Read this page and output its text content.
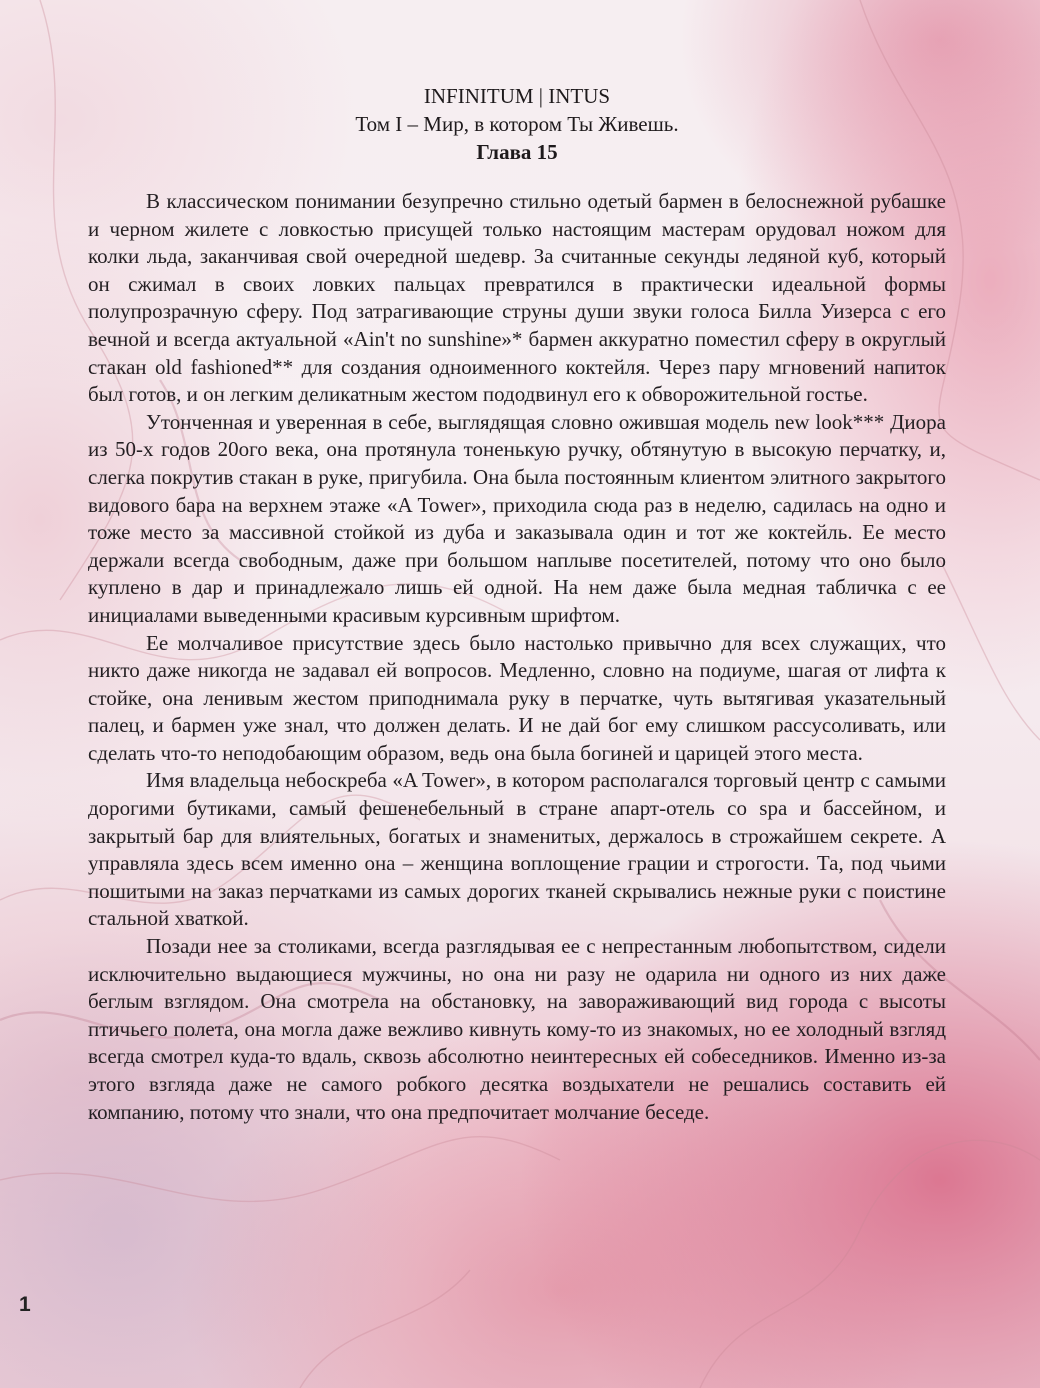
INFINITUM | INTUS
Том I – Мир, в котором Ты Живешь.
Глава 15

В классическом понимании безупречно стильно одетый бармен в белоснежной рубашке и черном жилете с ловкостью присущей только настоящим мастерам орудовал ножом для колки льда, заканчивая свой очередной шедевр. За считанные секунды ледяной куб, который он сжимал в своих ловких пальцах превратился в практически идеальной формы полупрозрачную сферу. Под затрагивающие струны души звуки голоса Билла Уизерса с его вечной и всегда актуальной «Ain't no sunshine»* бармен аккуратно поместил сферу в округлый стакан old fashioned** для создания одноименного коктейля. Через пару мгновений напиток был готов, и он легким деликатным жестом пододвинул его к обворожительной гостье.

Утонченная и уверенная в себе, выглядящая словно ожившая модель new look*** Диора из 50-х годов 20ого века, она протянула тоненькую ручку, обтянутую в высокую перчатку, и, слегка покрутив стакан в руке, пригубила. Она была постоянным клиентом элитного закрытого видового бара на верхнем этаже «A Tower», приходила сюда раз в неделю, садилась на одно и тоже место за массивной стойкой из дуба и заказывала один и тот же коктейль. Ее место держали всегда свободным, даже при большом наплыве посетителей, потому что оно было куплено в дар и принадлежало лишь ей одной. На нем даже была медная табличка с ее инициалами выведенными красивым курсивным шрифтом.

Ее молчаливое присутствие здесь было настолько привычно для всех служащих, что никто даже никогда не задавал ей вопросов. Медленно, словно на подиуме, шагая от лифта к стойке, она ленивым жестом приподнимала руку в перчатке, чуть вытягивая указательный палец, и бармен уже знал, что должен делать. И не дай бог ему слишком рассусоливать, или сделать что-то неподобающим образом, ведь она была богиней и царицей этого места.

Имя владельца небоскреба «A Tower», в котором располагался торговый центр с самыми дорогими бутиками, самый фешенебельный в стране апарт-отель со spa и бассейном, и закрытый бар для влиятельных, богатых и знаменитых, держалось в строжайшем секрете. А управляла здесь всем именно она – женщина воплощение грации и строгости. Та, под чьими пошитыми на заказ перчатками из самых дорогих тканей скрывались нежные руки с поистине стальной хваткой.

Позади нее за столиками, всегда разглядывая ее с непрестанным любопытством, сидели исключительно выдающиеся мужчины, но она ни разу не одарила ни одного из них даже беглым взглядом. Она смотрела на обстановку, на завораживающий вид города с высоты птичьего полета, она могла даже вежливо кивнуть кому-то из знакомых, но ее холодный взгляд всегда смотрел куда-то вдаль, сквозь абсолютно неинтересных ей собеседников. Именно из-за этого взгляда даже не самого робкого десятка воздыхатели не решались составить ей компанию, потому что знали, что она предпочитает молчание беседе.

1
